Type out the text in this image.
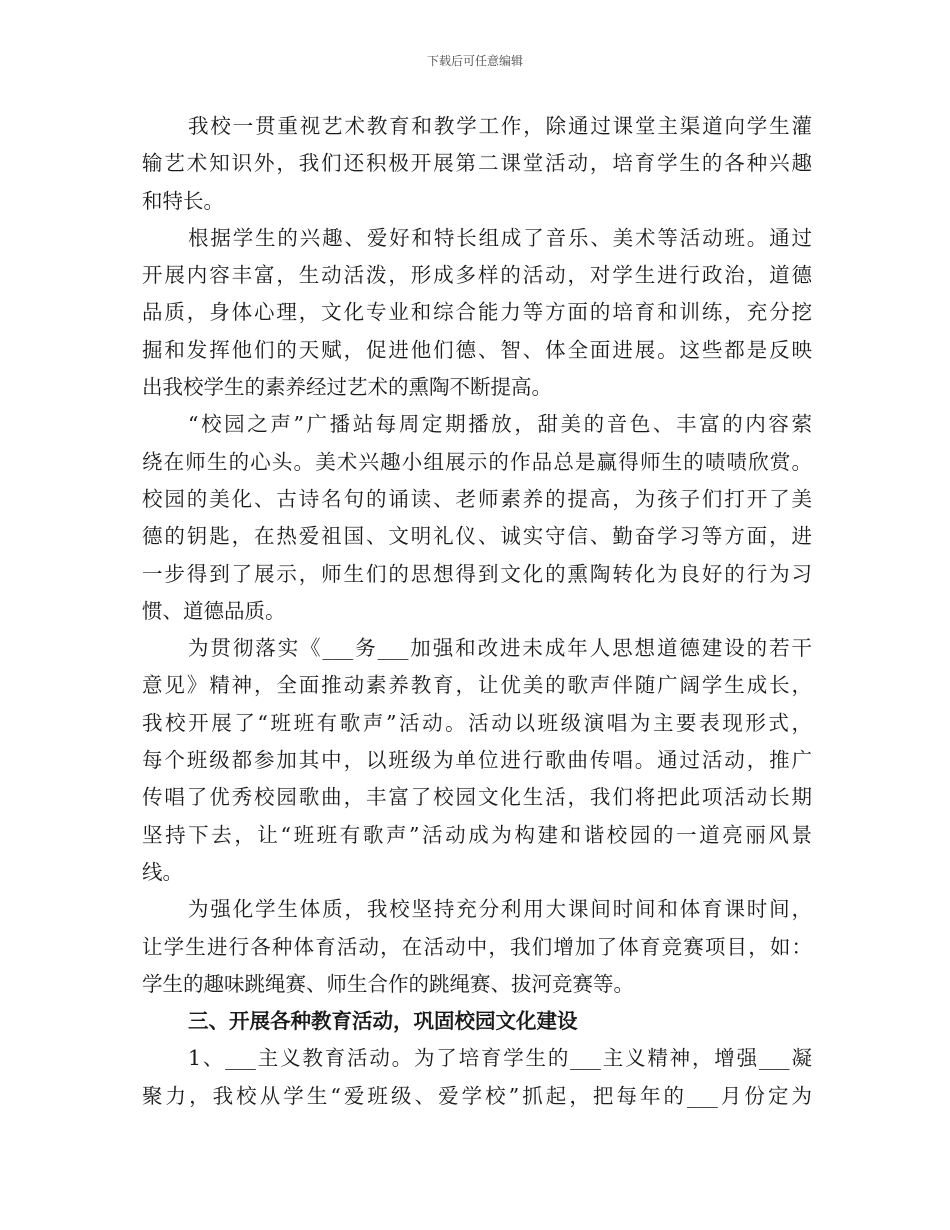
下载后可任意编辑
我校一贯重视艺术教育和教学工作，除通过课堂主渠道向学生灌
输艺术知识外，我们还积极开展第二课堂活动，培育学生的各种兴趣
和特长。
根据学生的兴趣、爱好和特长组成了音乐、美术等活动班。通过
开展内容丰富，生动活泼，形成多样的活动，对学生进行政治，道德
品质，身体心理，文化专业和综合能力等方面的培育和训练，充分挖
掘和发挥他们的天赋，促进他们德、智、体全面进展。这些都是反映
出我校学生的素养经过艺术的熏陶不断提高。
“校园之声”广播站每周定期播放，甜美的音色、丰富的内容萦
绕在师生的心头。美术兴趣小组展示的作品总是赢得师生的啧啧欣赏。
校园的美化、古诗名句的诵读、老师素养的提高，为孩子们打开了美
德的钥匙，在热爱祖国、文明礼仪、诚实守信、勤奋学习等方面，进
一步得到了展示，师生们的思想得到文化的熏陶转化为良好的行为习
惯、道德品质。
为贯彻落实《___务___加强和改进未成年人思想道德建设的若干
意见》精神，全面推动素养教育，让优美的歌声伴随广阔学生成长，
我校开展了“班班有歌声”活动。活动以班级演唱为主要表现形式，
每个班级都参加其中，以班级为单位进行歌曲传唱。通过活动，推广
传唱了优秀校园歌曲，丰富了校园文化生活，我们将把此项活动长期
坚持下去，让“班班有歌声”活动成为构建和谐校园的一道亮丽风景
线。
为强化学生体质，我校坚持充分利用大课间时间和体育课时间，
让学生进行各种体育活动，在活动中，我们增加了体育竞赛项目，如：
学生的趣味跳绳赛、师生合作的跳绳赛、拔河竞赛等。
三、开展各种教育活动，巩固校园文化建设
1、___主义教育活动。为了培育学生的___主义精神，增强___凝
聚力，我校从学生“爱班级、爱学校”抓起，把每年的___月份定为
